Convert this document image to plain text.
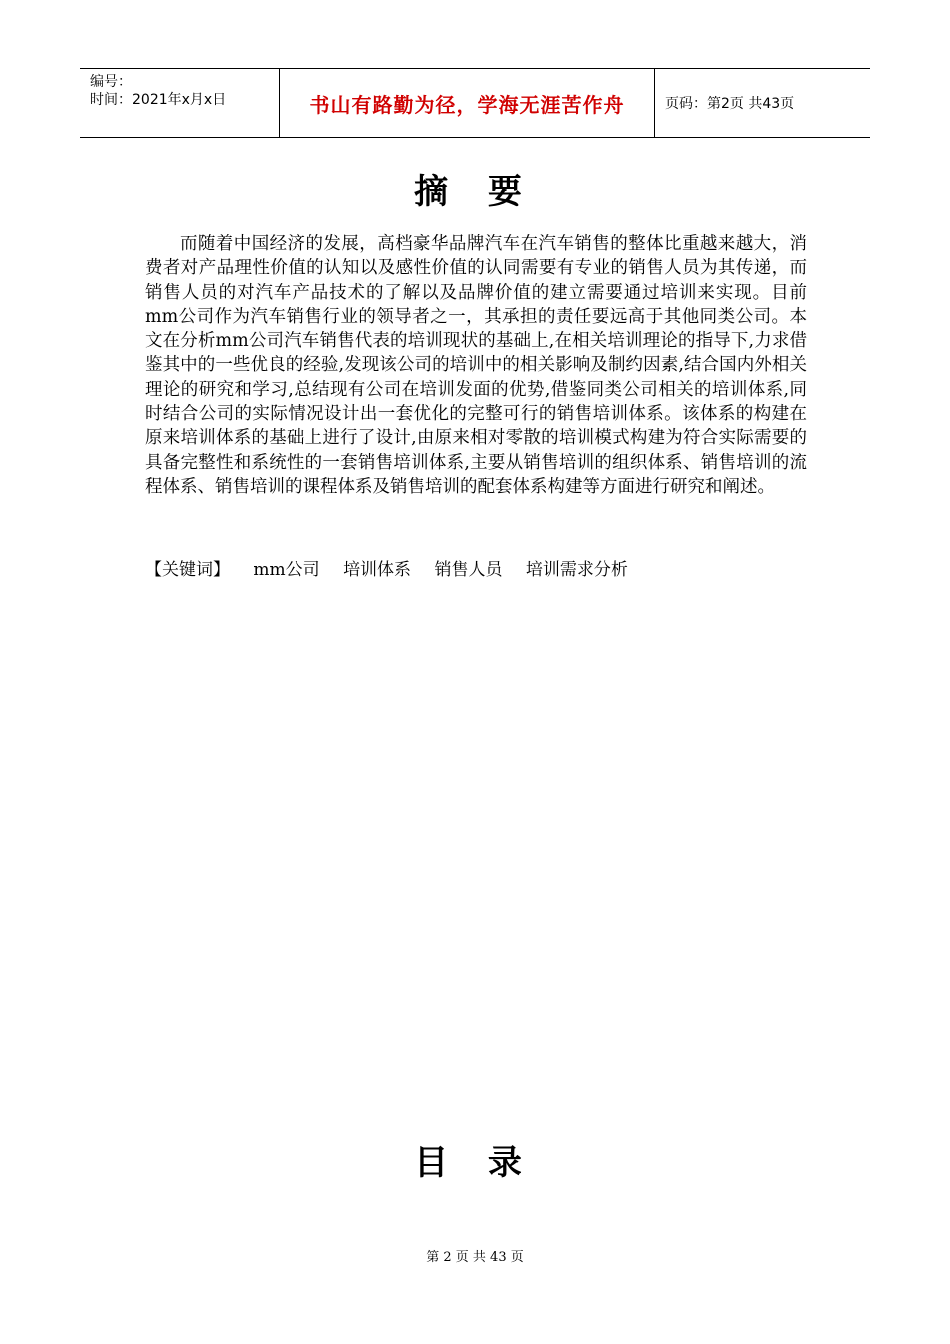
编号：
时间：2021年x月x日	书山有路勤为径，学海无涯苦作舟	页码：第2页 共43页
摘 要

而随着中国经济的发展，高档豪华品牌汽车在汽车销售的整体比重越来越大，消费者对产品理性价值的认知以及感性价值的认同需要有专业的销售人员为其传递，而销售人员的对汽车产品技术的了解以及品牌价值的建立需要通过培训来实现。目前mm公司作为汽车销售行业的领导者之一，其承担的责任要远高于其他同类公司。本文在分析mm公司汽车销售代表的培训现状的基础上,在相关培训理论的指导下,力求借鉴其中的一些优良的经验,发现该公司的培训中的相关影响及制约因素,结合国内外相关理论的研究和学习,总结现有公司在培训发面的优势,借鉴同类公司相关的培训体系,同时结合公司的实际情况设计出一套优化的完整可行的销售培训体系。该体系的构建在原来培训体系的基础上进行了设计,由原来相对零散的培训模式构建为符合实际需要的具备完整性和系统性的一套销售培训体系,主要从销售培训的组织体系、销售培训的流程体系、销售培训的课程体系及销售培训的配套体系构建等方面进行研究和阐述。

【关键词】 mm公司 培训体系 销售人员 培训需求分析
目 录
第 2 页 共 43 页
